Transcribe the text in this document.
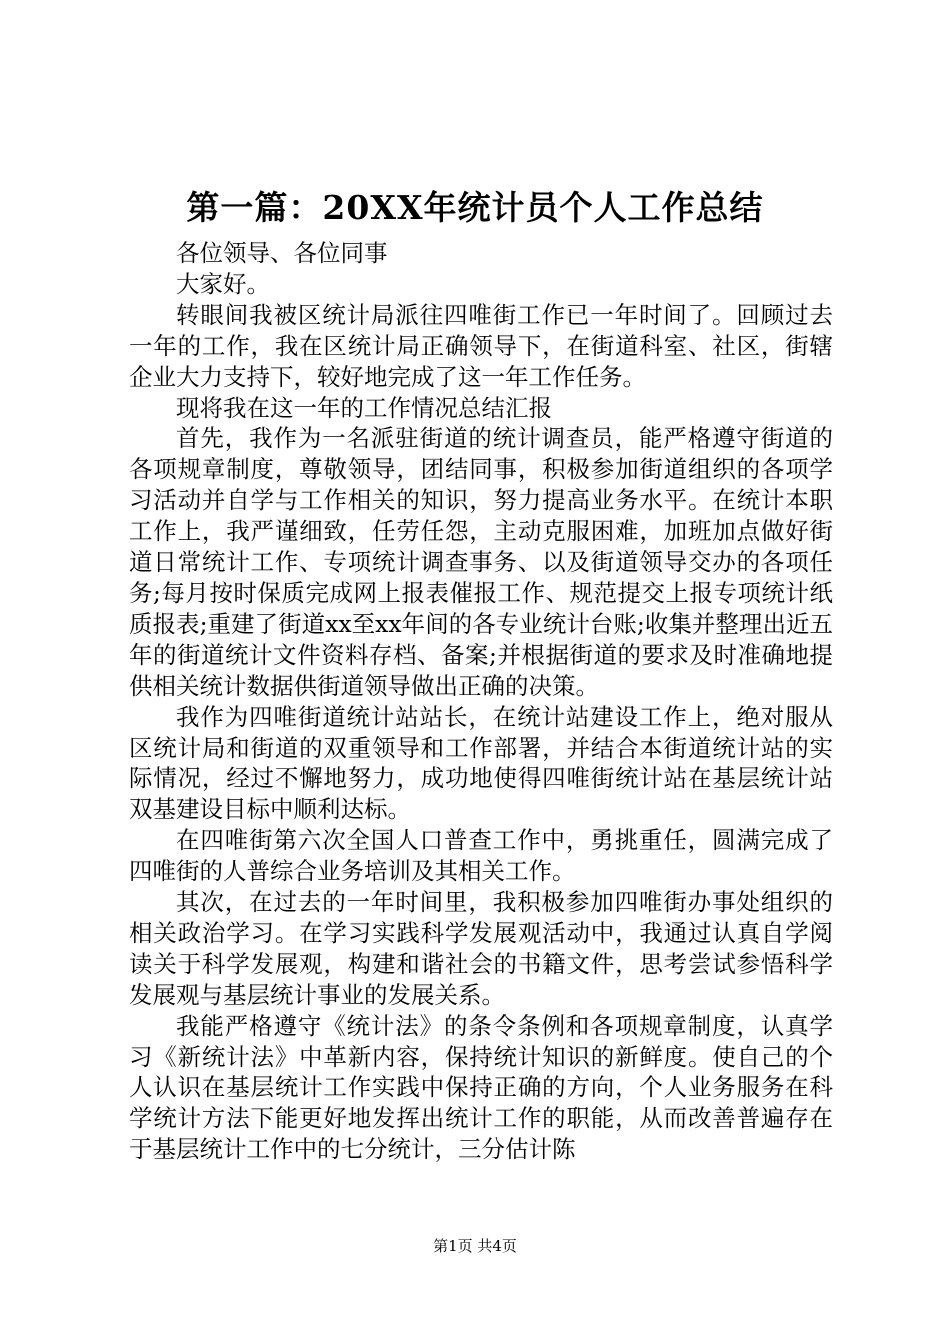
第一篇：20XX年统计员个人工作总结

各位领导、各位同事

大家好。

转眼间我被区统计局派往四唯街工作已一年时间了。回顾过去一年的工作，我在区统计局正确领导下，在街道科室、社区，街辖企业大力支持下，较好地完成了这一年工作任务。

现将我在这一年的工作情况总结汇报

首先，我作为一名派驻街道的统计调查员，能严格遵守街道的各项规章制度，尊敬领导，团结同事，积极参加街道组织的各项学习活动并自学与工作相关的知识，努力提高业务水平。在统计本职工作上，我严谨细致，任劳任怨，主动克服困难，加班加点做好街道日常统计工作、专项统计调查事务、以及街道领导交办的各项任务;每月按时保质完成网上报表催报工作、规范提交上报专项统计纸质报表;重建了街道xx至xx年间的各专业统计台账;收集并整理出近五年的街道统计文件资料存档、备案;并根据街道的要求及时准确地提供相关统计数据供街道领导做出正确的决策。

我作为四唯街道统计站站长，在统计站建设工作上，绝对服从区统计局和街道的双重领导和工作部署，并结合本街道统计站的实际情况，经过不懈地努力，成功地使得四唯街统计站在基层统计站双基建设目标中顺利达标。

在四唯街第六次全国人口普查工作中，勇挑重任，圆满完成了四唯街的人普综合业务培训及其相关工作。

其次，在过去的一年时间里，我积极参加四唯街办事处组织的相关政治学习。在学习实践科学发展观活动中，我通过认真自学阅读关于科学发展观，构建和谐社会的书籍文件，思考尝试参悟科学发展观与基层统计事业的发展关系。

我能严格遵守《统计法》的条令条例和各项规章制度，认真学习《新统计法》中革新内容，保持统计知识的新鲜度。使自己的个人认识在基层统计工作实践中保持正确的方向，个人业务服务在科学统计方法下能更好地发挥出统计工作的职能，从而改善普遍存在于基层统计工作中的七分统计，三分估计陈

第1页 共4页
